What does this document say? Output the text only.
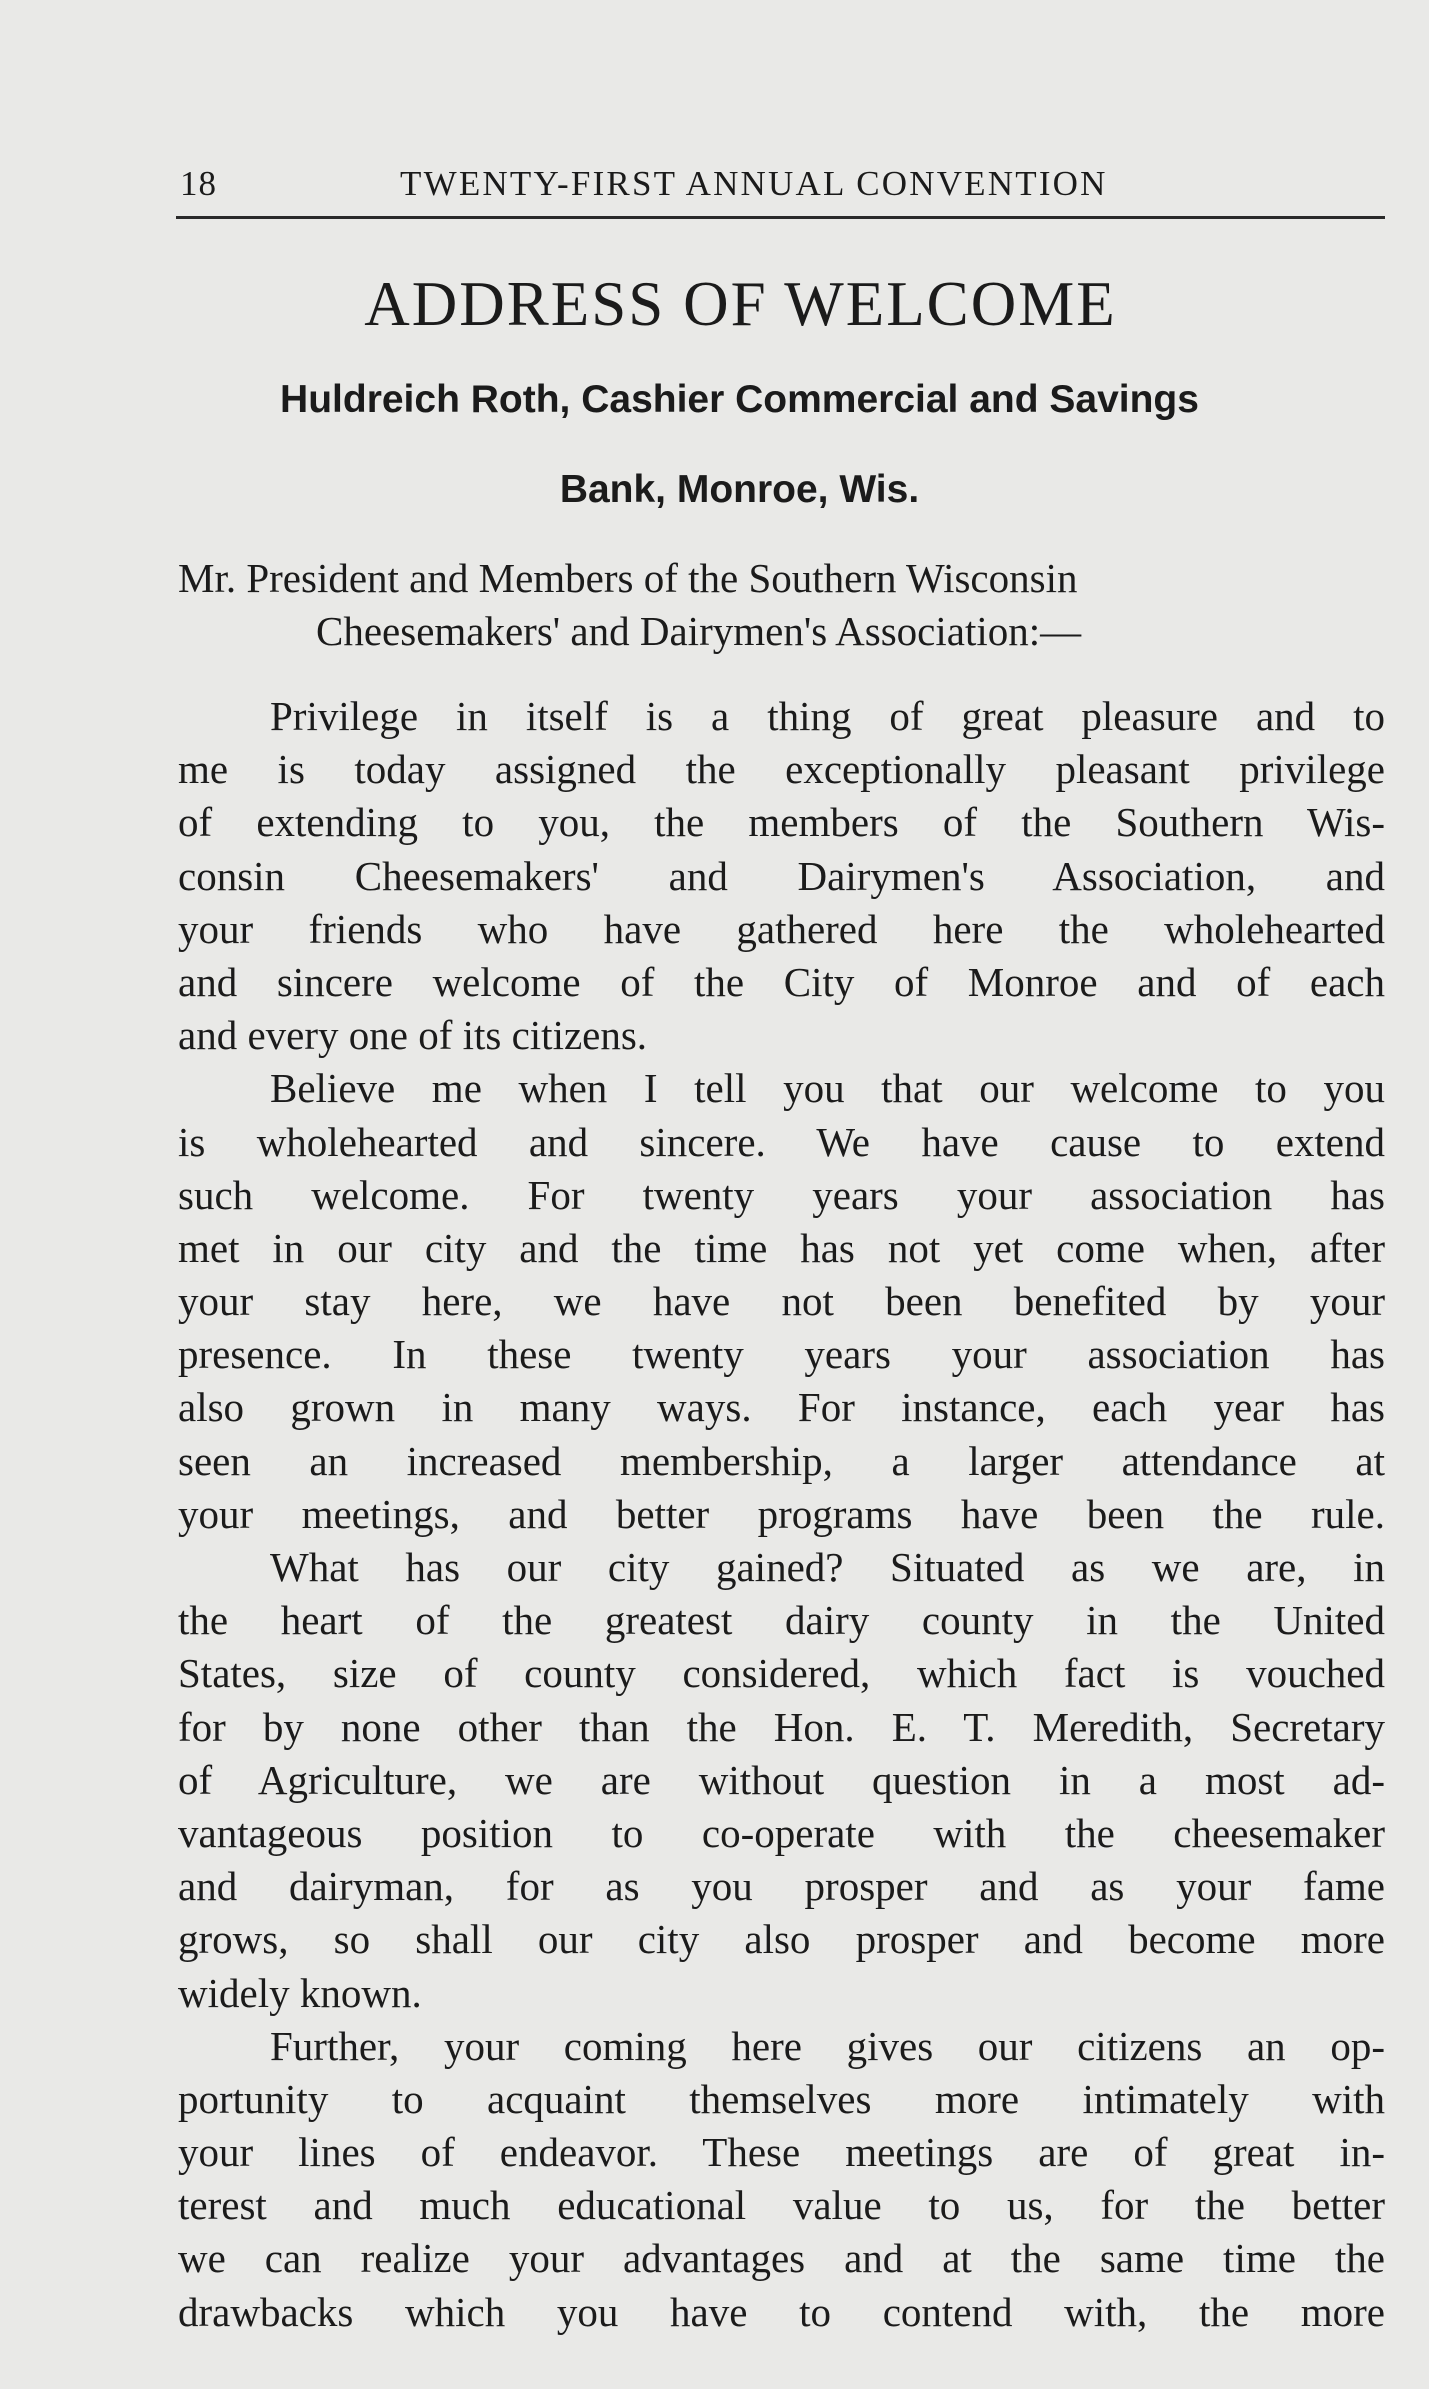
18	TWENTY-FIRST ANNUAL CONVENTION
ADDRESS OF WELCOME
Huldreich Roth, Cashier Commercial and Savings
Bank, Monroe, Wis.
Mr. President and Members of the Southern Wisconsin
Cheesemakers' and Dairymen's Association:—
Privilege in itself is a thing of great pleasure and to
me is today assigned the exceptionally pleasant privilege
of extending to you, the members of the Southern Wis-
consin Cheesemakers' and Dairymen's Association, and
your friends who have gathered here the wholehearted
and sincere welcome of the City of Monroe and of each
and every one of its citizens.
Believe me when I tell you that our welcome to you
is wholehearted and sincere. We have cause to extend
such welcome. For twenty years your association has
met in our city and the time has not yet come when, after
your stay here, we have not been benefited by your
presence. In these twenty years your association has
also grown in many ways. For instance, each year has
seen an increased membership, a larger attendance at
your meetings, and better programs have been the rule.
What has our city gained? Situated as we are, in
the heart of the greatest dairy county in the United
States, size of county considered, which fact is vouched
for by none other than the Hon. E. T. Meredith, Secretary
of Agriculture, we are without question in a most ad-
vantageous position to co-operate with the cheesemaker
and dairyman, for as you prosper and as your fame
grows, so shall our city also prosper and become more
widely known.
Further, your coming here gives our citizens an op-
portunity to acquaint themselves more intimately with
your lines of endeavor. These meetings are of great in-
terest and much educational value to us, for the better
we can realize your advantages and at the same time the
drawbacks which you have to contend with, the more
